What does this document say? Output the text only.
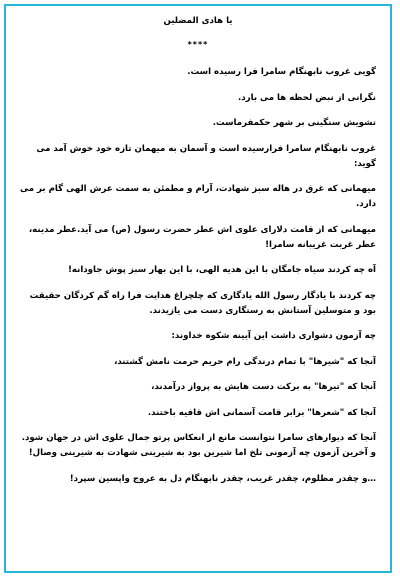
یا هادی المضلین
****

گویی غروب نابهنگام سامرا فرا رسیده است.

نگرانی از نبض لحظه ها می بارد.

تشویش سنگینی بر شهر حکمفرماست.

غروب نابهنگام سامرا فرارسیده است و آسمان به میهمان تازه خود خوش آمد می گوید:

میهمانی که غرق در هاله سبز شهادت، آرام و مطمئن به سمت عرش الهی گام بر می دارد.

میهمانی که از قامت دلارای علوی اش عطر حضرت رسول (ص) می آید.عطر مدینه، عطر غربت غریبانه سامرا!

آه چه کردند سیاه جامگان با این هدیه الهی، با این بهار سبز پوش جاودانه!

چه کردند با یادگار رسول الله یادگاری که چلچراغ هدایت فرا راه گم کردگان حقیقت بود و متوسلین آستانش به رستگاری دست می یازیدند.

چه آزمون دشواری داشت این آیینه شکوه خداوند:

آنجا که "شیرها" با تمام درندگی رام حریم حرمت نامش گشتند،

آنجا که "تیرها" به برکت دست هایش به پرواز درآمدند،

آنجا که "شعرها" برابر قامت آسمانی اش قافیه باختند.

آنجا که دیوارهای سامرا نتوانست مانع از انعکاس پرتو جمال علوی اش در جهان شود. و آخرین آزمون چه آزمونی تلخ اما شیرین بود به شیرینی شهادت به شیرینی وصال!

…و چقدر مظلوم، چقدر غریب، چقدر نابهنگام دل به عروج واپسین سپرد!
